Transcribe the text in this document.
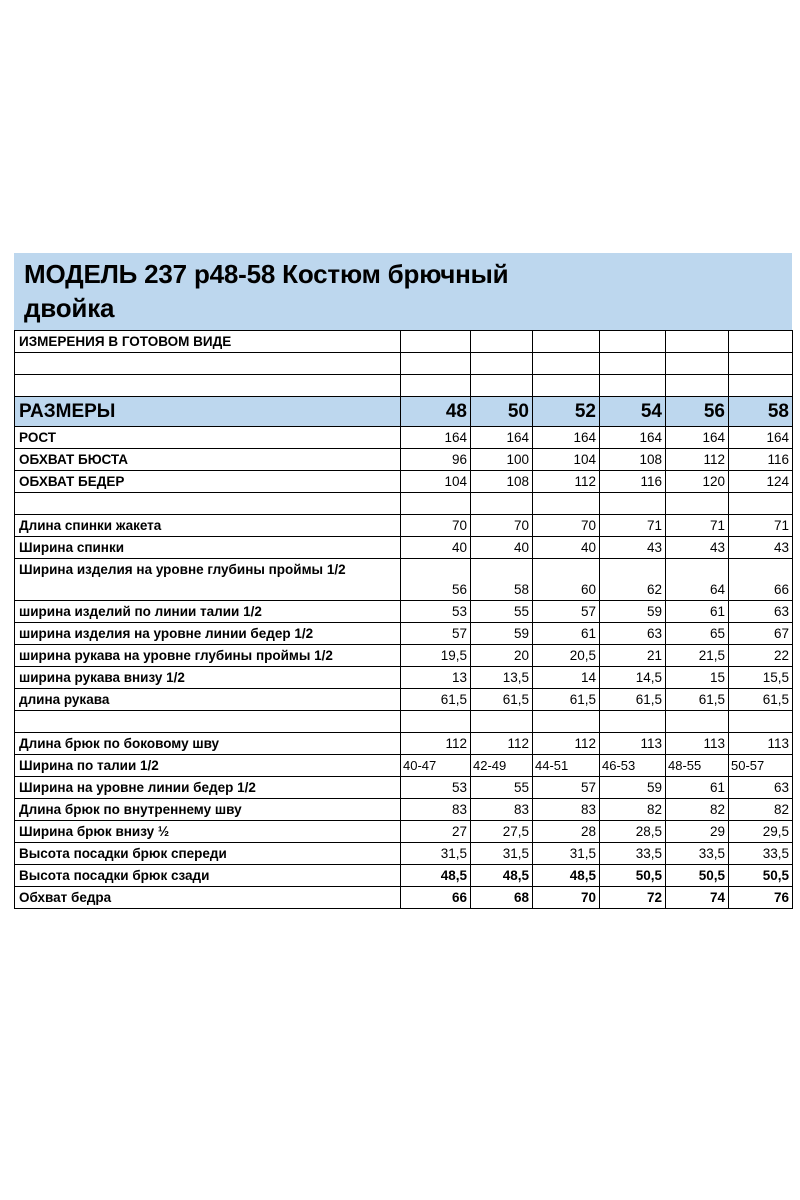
МОДЕЛЬ 237 р48-58 Костюм брючный
двойка
ИЗМЕРЕНИЯ В ГОТОВОМ ВИДЕ						

РАЗМЕРЫ	48	50	52	54	56	58
РОСТ	164	164	164	164	164	164
ОБХВАТ БЮСТА	96	100	104	108	112	116
ОБХВАТ БЕДЕР	104	108	112	116	120	124

Длина спинки жакета	70	70	70	71	71	71
Ширина спинки	40	40	40	43	43	43
Ширина изделия на уровне глубины проймы 1/2	56	58	60	62	64	66
ширина изделий по линии талии 1/2	53	55	57	59	61	63
ширина изделия на уровне линии бедер 1/2	57	59	61	63	65	67
ширина рукава на уровне глубины проймы 1/2	19,5	20	20,5	21	21,5	22
ширина рукава внизу 1/2	13	13,5	14	14,5	15	15,5
длина рукава	61,5	61,5	61,5	61,5	61,5	61,5

Длина брюк по боковому шву	112	112	112	113	113	113
Ширина по талии 1/2	40-47	42-49	44-51	46-53	48-55	50-57
Ширина на уровне линии бедер 1/2	53	55	57	59	61	63
Длина брюк по внутреннему шву	83	83	83	82	82	82
Ширина брюк внизу ½	27	27,5	28	28,5	29	29,5
Высота посадки брюк спереди	31,5	31,5	31,5	33,5	33,5	33,5
Высота посадки брюк сзади	48,5	48,5	48,5	50,5	50,5	50,5
Обхват бедра	66	68	70	72	74	76
